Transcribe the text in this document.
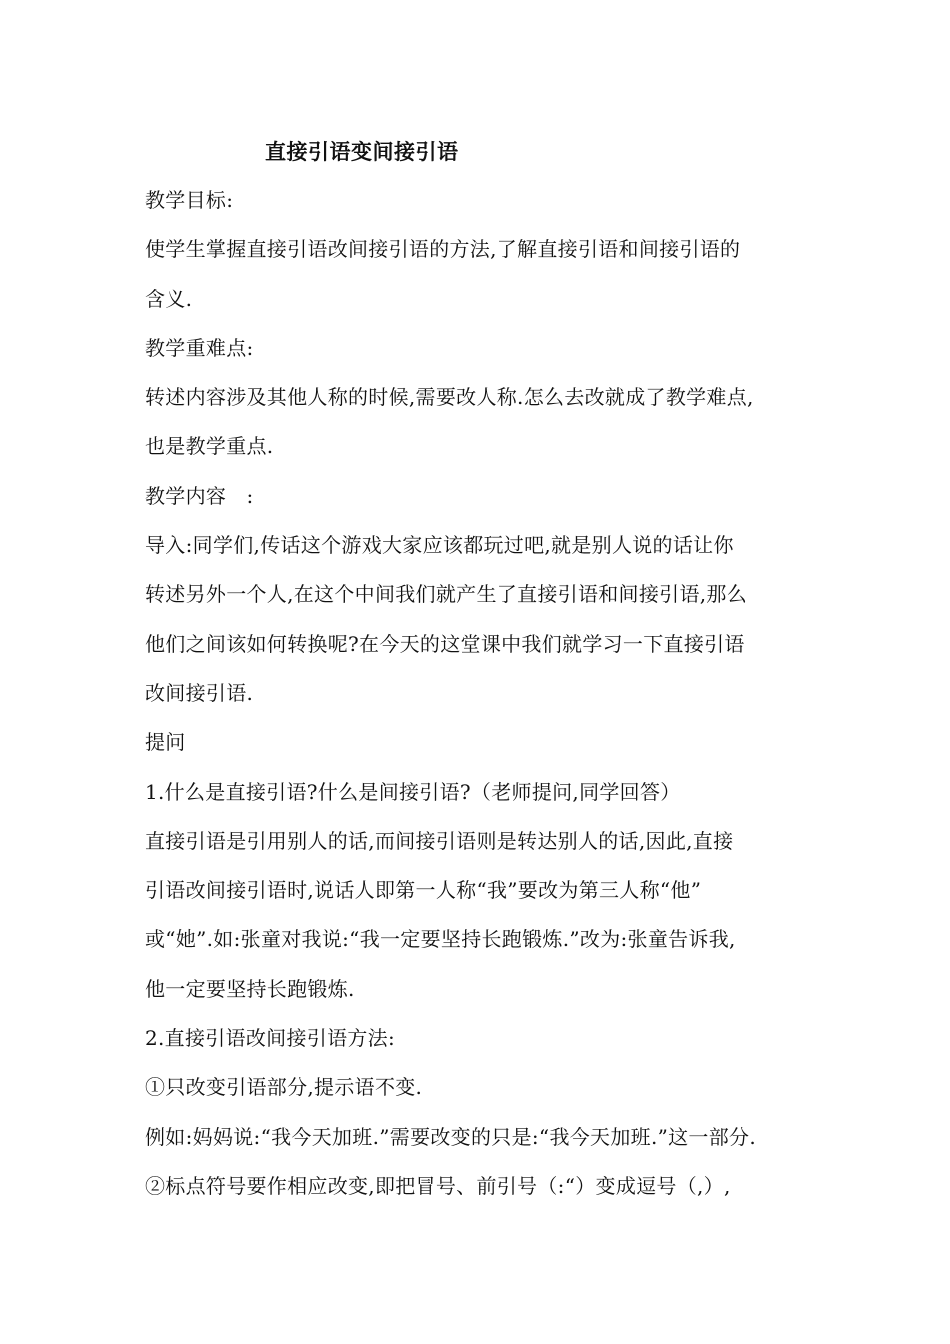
直接引语变间接引语
教学目标:
使学生掌握直接引语改间接引语的方法,了解直接引语和间接引语的
含义.
教学重难点:
转述内容涉及其他人称的时候,需要改人称.怎么去改就成了教学难点,
也是教学重点.
教学内容　:
导入:同学们,传话这个游戏大家应该都玩过吧,就是别人说的话让你
转述另外一个人,在这个中间我们就产生了直接引语和间接引语,那么
他们之间该如何转换呢?在今天的这堂课中我们就学习一下直接引语
改间接引语.
提问
1.什么是直接引语?什么是间接引语?（老师提问,同学回答）
直接引语是引用别人的话,而间接引语则是转达别人的话,因此,直接
引语改间接引语时,说话人即第一人称“我”要改为第三人称“他”
或“她”.如:张童对我说:“我一定要坚持长跑锻炼.”改为:张童告诉我,
他一定要坚持长跑锻炼.
2.直接引语改间接引语方法:
①只改变引语部分,提示语不变.
例如:妈妈说:“我今天加班.”需要改变的只是:“我今天加班.”这一部分.
②标点符号要作相应改变,即把冒号、前引号（:“）变成逗号（,）,
